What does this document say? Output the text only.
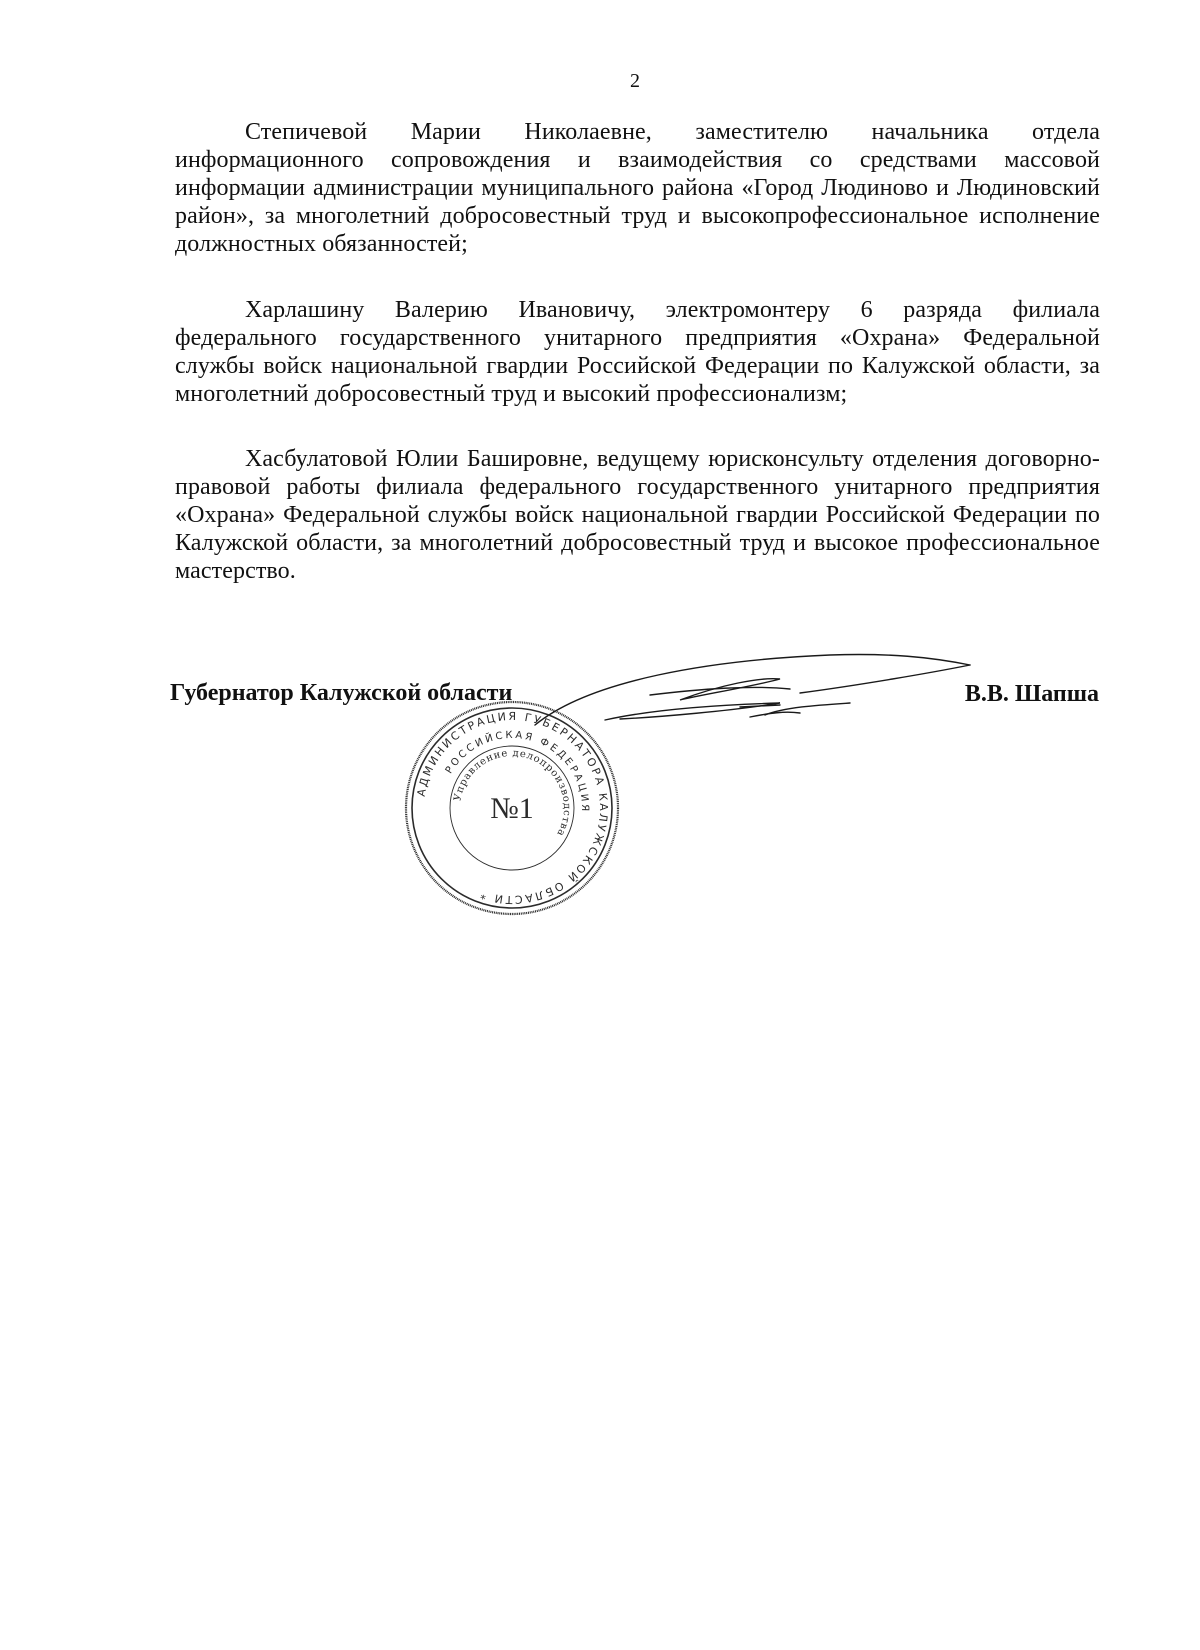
2
Степичевой Марии Николаевне, заместителю начальника отдела информационного сопровождения и взаимодействия со средствами массовой информации администрации муниципального района «Город Людиново и Людиновский район», за многолетний добросовестный труд и высокопрофессиональное исполнение должностных обязанностей;
Харлашину Валерию Ивановичу, электромонтеру 6 разряда филиала федерального государственного унитарного предприятия «Охрана» Федеральной службы войск национальной гвардии Российской Федерации по Калужской области, за многолетний добросовестный труд и высокий профессионализм;
Хасбулатовой Юлии Башировне, ведущему юрисконсульту отделения договорно-правовой работы филиала федерального государственного унитарного предприятия «Охрана» Федеральной службы войск национальной гвардии Российской Федерации по Калужской области, за многолетний добросовестный труд и высокое профессиональное мастерство.
Губернатор Калужской области	В.В. Шапша
АДМИНИСТРАЦИЯ ГУБЕРНАТОРА КАЛУЖСКОЙ ОБЛАСТИ *
РОССИЙСКАЯ ФЕДЕРАЦИЯ
Управление делопроизводства
№1
